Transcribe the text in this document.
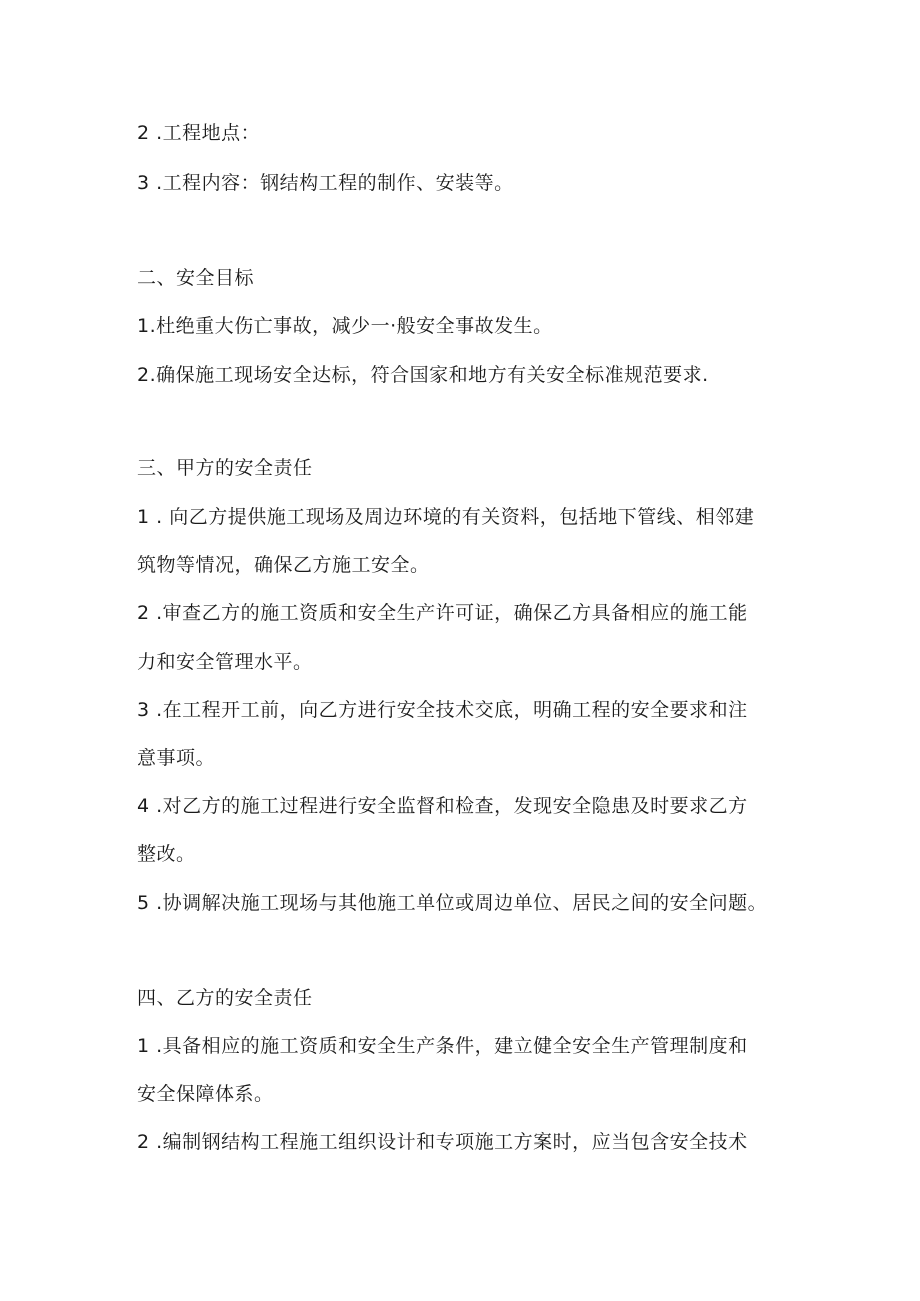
2 .工程地点：
3 .工程内容：钢结构工程的制作、安装等。
二、安全目标
1.杜绝重大伤亡事故，减少一·般安全事故发生。
2.确保施工现场安全达标，符合国家和地方有关安全标准规范要求.
三、甲方的安全责任
1 . 向乙方提供施工现场及周边环境的有关资料，包括地下管线、相邻建
筑物等情况，确保乙方施工安全。
2 .审查乙方的施工资质和安全生产许可证，确保乙方具备相应的施工能
力和安全管理水平。
3 .在工程开工前，向乙方进行安全技术交底，明确工程的安全要求和注
意事项。
4 .对乙方的施工过程进行安全监督和检查，发现安全隐患及时要求乙方
整改。
5 .协调解决施工现场与其他施工单位或周边单位、居民之间的安全问题。
四、乙方的安全责任
1 .具备相应的施工资质和安全生产条件，建立健全安全生产管理制度和
安全保障体系。
2 .编制钢结构工程施工组织设计和专项施工方案时，应当包含安全技术
